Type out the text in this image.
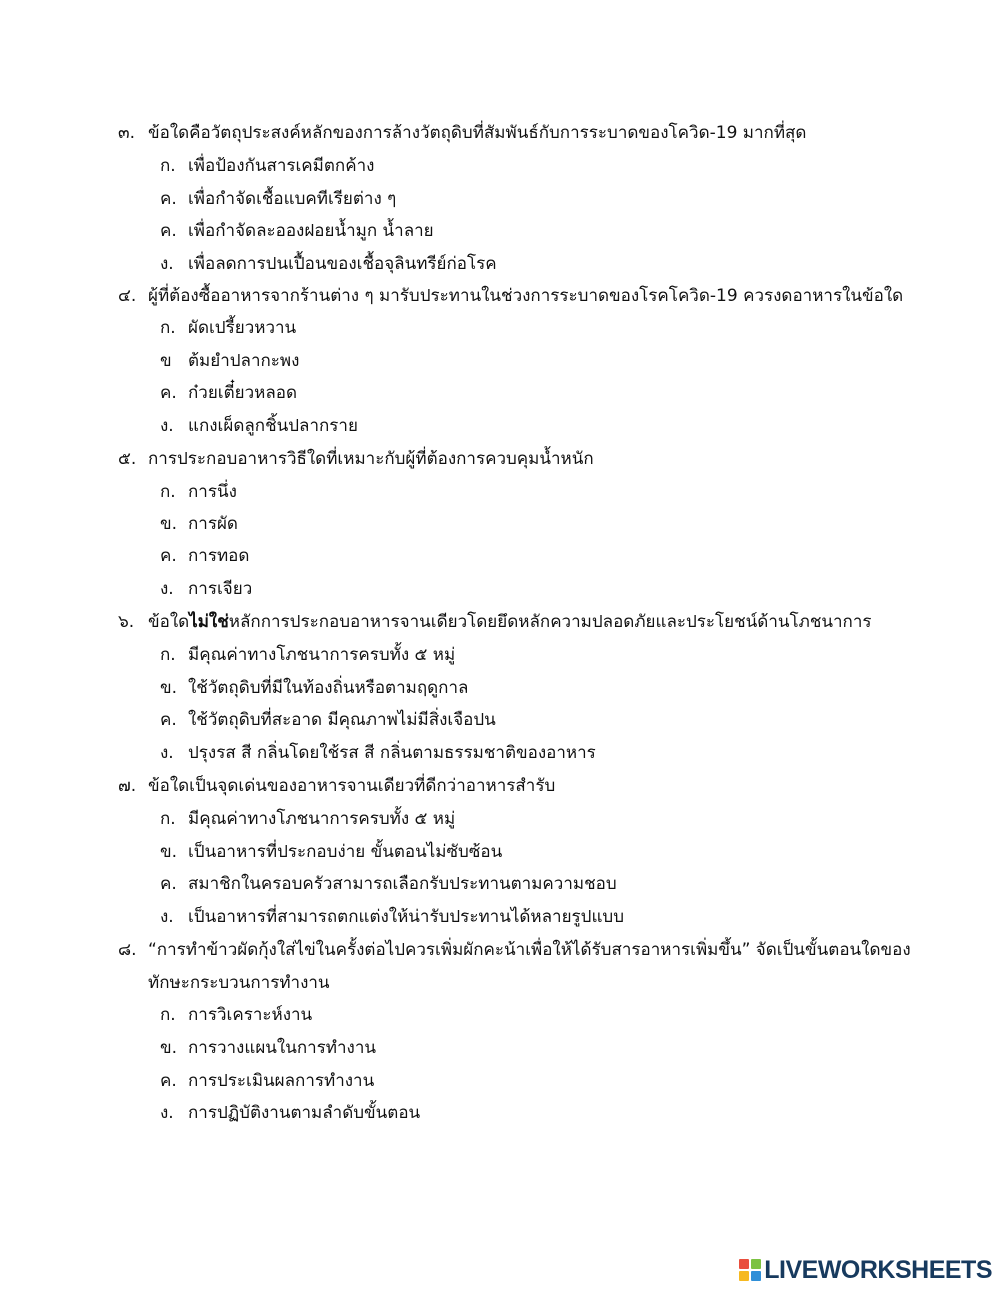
๓. ข้อใดคือวัตถุประสงค์หลักของการล้างวัตถุดิบที่สัมพันธ์กับการระบาดของโควิด-19 มากที่สุด
ก. เพื่อป้องกันสารเคมีตกค้าง
ค. เพื่อกำจัดเชื้อแบคทีเรียต่าง ๆ
ค. เพื่อกำจัดละอองฝอยน้ำมูก น้ำลาย
ง. เพื่อลดการปนเปื้อนของเชื้อจุลินทรีย์ก่อโรค
๔. ผู้ที่ต้องซื้ออาหารจากร้านต่าง ๆ มารับประทานในช่วงการระบาดของโรคโควิด-19 ควรงดอาหารในข้อใด
ก. ผัดเปรี้ยวหวาน
ข ต้มยำปลากะพง
ค. ก๋วยเตี๋ยวหลอด
ง. แกงเผ็ดลูกชิ้นปลากราย
๕. การประกอบอาหารวิธีใดที่เหมาะกับผู้ที่ต้องการควบคุมน้ำหนัก
ก. การนึ่ง
ข. การผัด
ค. การทอด
ง. การเจียว
๖. ข้อใดไม่ใช่หลักการประกอบอาหารจานเดียวโดยยึดหลักความปลอดภัยและประโยชน์ด้านโภชนาการ
ก. มีคุณค่าทางโภชนาการครบทั้ง ๕ หมู่
ข. ใช้วัตถุดิบที่มีในท้องถิ่นหรือตามฤดูกาล
ค. ใช้วัตถุดิบที่สะอาด มีคุณภาพไม่มีสิ่งเจือปน
ง. ปรุงรส สี กลิ่นโดยใช้รส สี กลิ่นตามธรรมชาติของอาหาร
๗. ข้อใดเป็นจุดเด่นของอาหารจานเดียวที่ดีกว่าอาหารสำรับ
ก. มีคุณค่าทางโภชนาการครบทั้ง ๕ หมู่
ข. เป็นอาหารที่ประกอบง่าย ขั้นตอนไม่ซับซ้อน
ค. สมาชิกในครอบครัวสามารถเลือกรับประทานตามความชอบ
ง. เป็นอาหารที่สามารถตกแต่งให้น่ารับประทานได้หลายรูปแบบ
๘. “การทำข้าวผัดกุ้งใส่ไข่ในครั้งต่อไปควรเพิ่มผักคะน้าเพื่อให้ได้รับสารอาหารเพิ่มขึ้น” จัดเป็นขั้นตอนใดของ
ทักษะกระบวนการทำงาน
ก. การวิเคราะห์งาน
ข. การวางแผนในการทำงาน
ค. การประเมินผลการทำงาน
ง. การปฏิบัติงานตามลำดับขั้นตอน
LIVEWORKSHEETS
